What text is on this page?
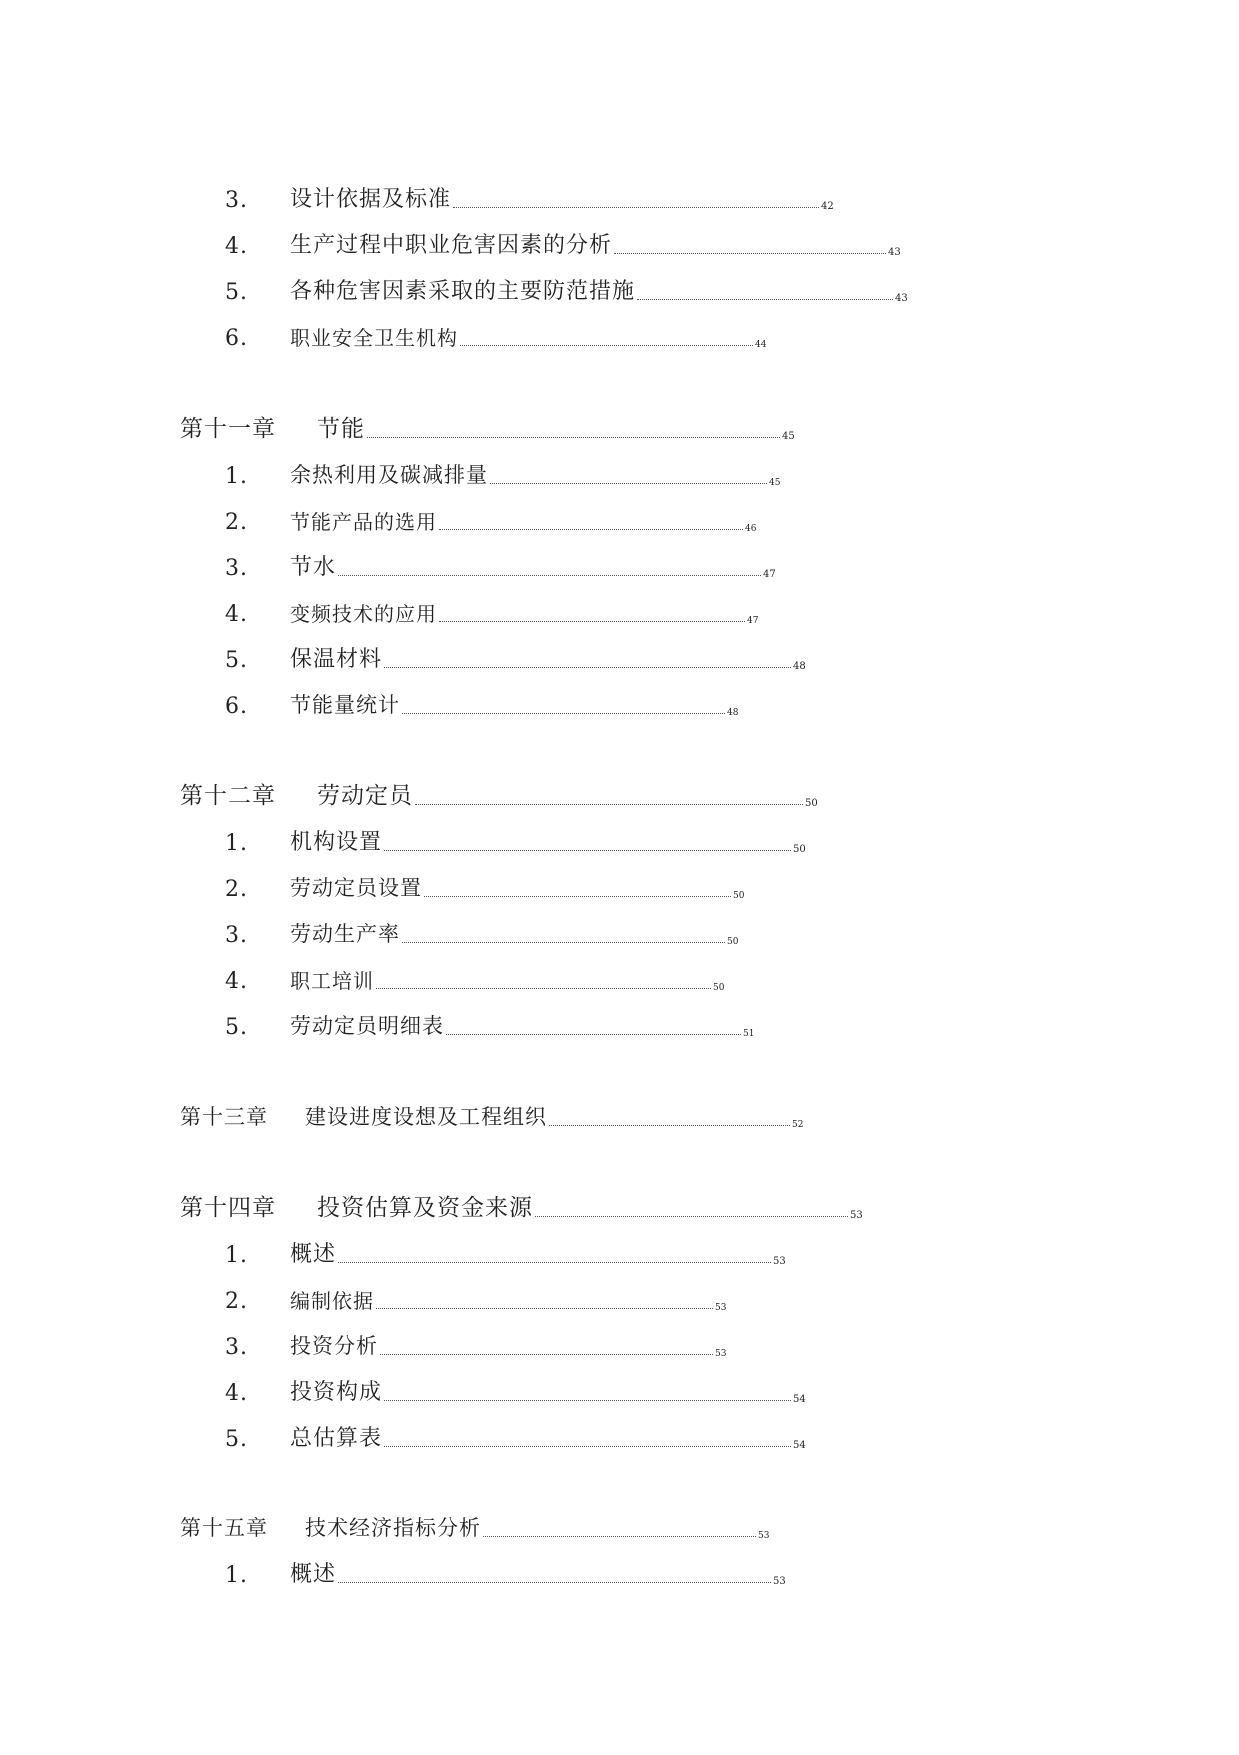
3. 设计依据及标准	42
4. 生产过程中职业危害因素的分析	43
5. 各种危害因素采取的主要防范措施	43
6. 职业安全卫生机构	44
第十一章 节能	45
1. 余热利用及碳减排量	45
2. 节能产品的选用	46
3. 节水	47
4. 变频技术的应用	47
5. 保温材料	48
6. 节能量统计	48
第十二章 劳动定员	50
1. 机构设置	50
2. 劳动定员设置	50
3. 劳动生产率	50
4. 职工培训	50
5. 劳动定员明细表	51
第十三章 建设进度设想及工程组织	52
第十四章 投资估算及资金来源	53
1. 概述	53
2. 编制依据	53
3. 投资分析	53
4. 投资构成	54
5. 总估算表	54
第十五章 技术经济指标分析	53
1. 概述	53
